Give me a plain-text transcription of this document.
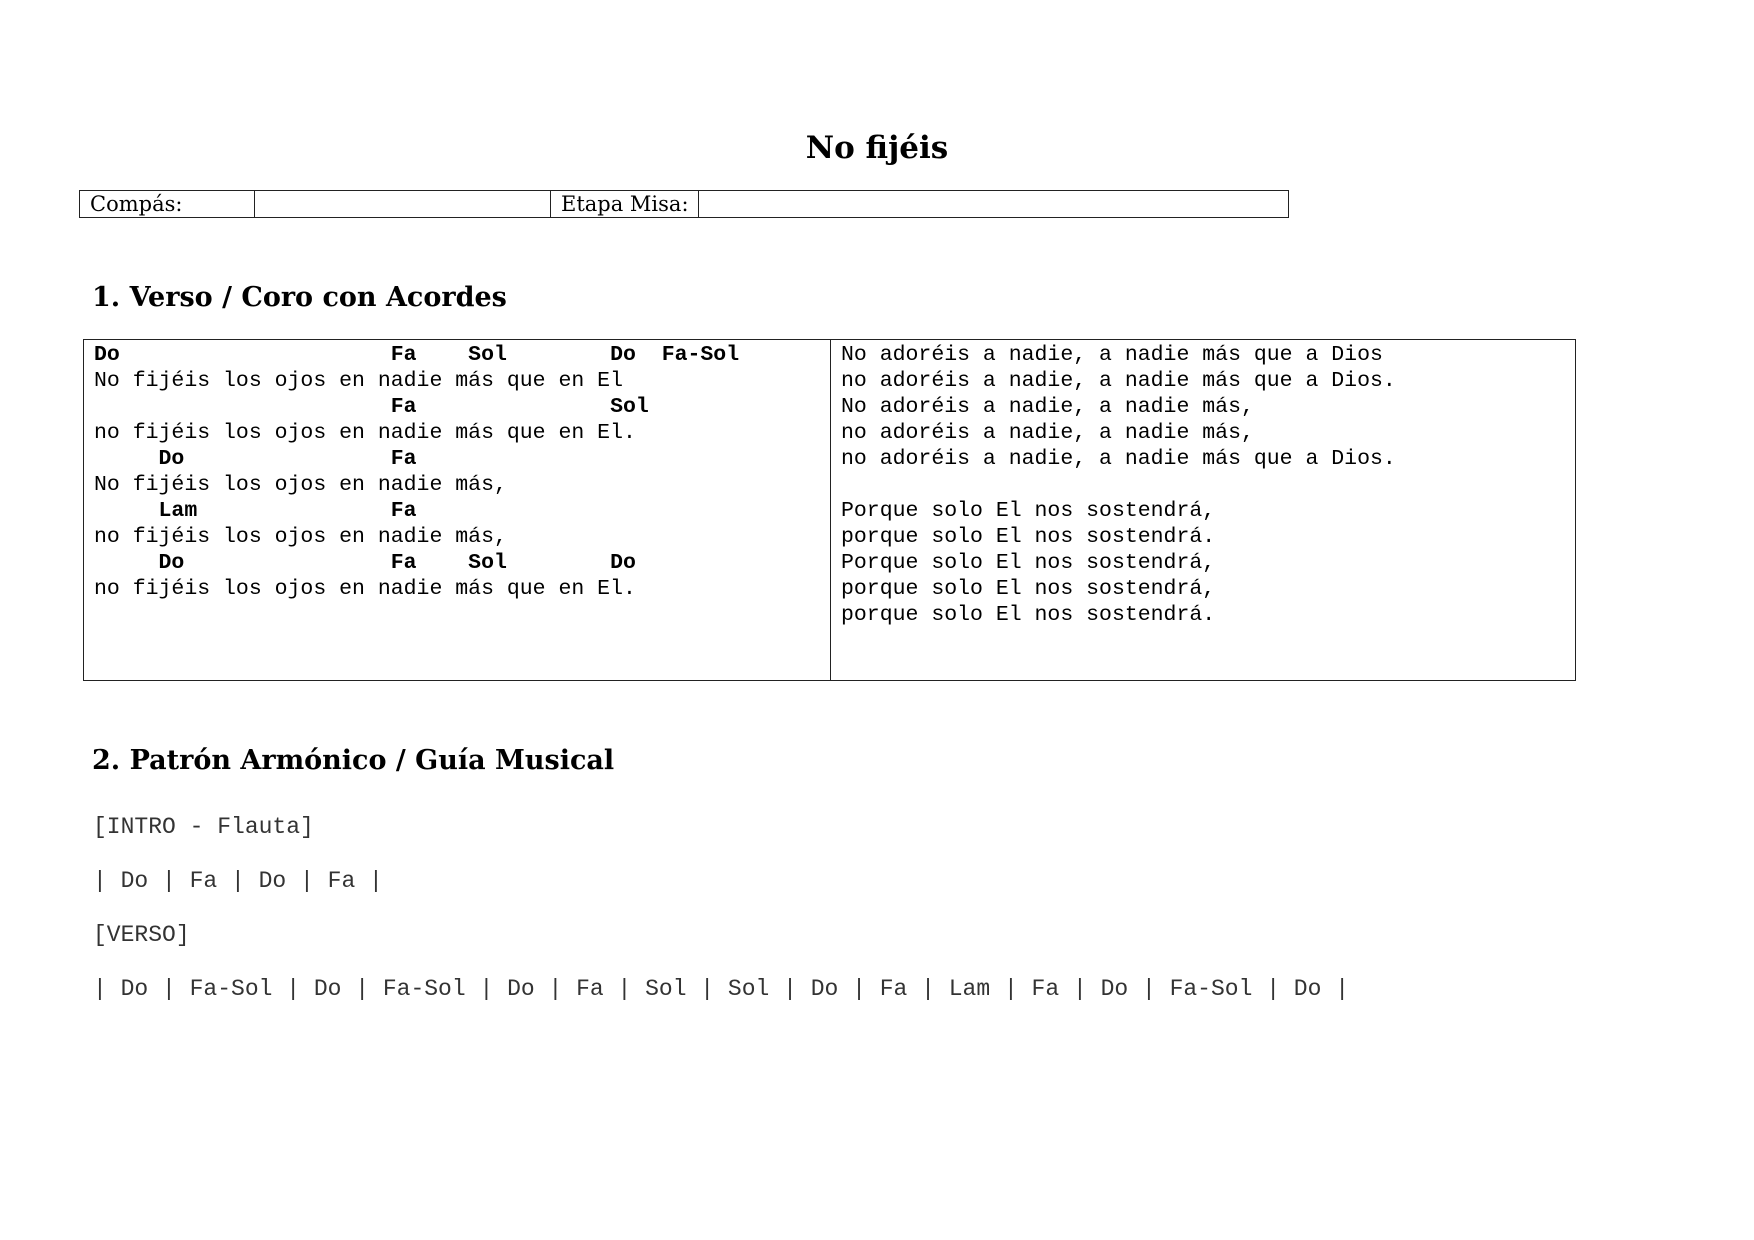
No fijéis
Compás:	Etapa Misa:
1. Verso / Coro con Acordes
Do                     Fa    Sol        Do  Fa-Sol
No fijéis los ojos en nadie más que en El
Fa               Sol
no fijéis los ojos en nadie más que en El.
Do                Fa
No fijéis los ojos en nadie más,
Lam               Fa
no fijéis los ojos en nadie más,
Do                Fa    Sol        Do
no fijéis los ojos en nadie más que en El.
No adoréis a nadie, a nadie más que a Dios
no adoréis a nadie, a nadie más que a Dios.
No adoréis a nadie, a nadie más,
no adoréis a nadie, a nadie más,
no adoréis a nadie, a nadie más que a Dios.
Porque solo El nos sostendrá,
porque solo El nos sostendrá.
Porque solo El nos sostendrá,
porque solo El nos sostendrá,
porque solo El nos sostendrá.
2. Patrón Armónico / Guía Musical
[INTRO - Flauta]
| Do | Fa | Do | Fa |
[VERSO]
| Do | Fa-Sol | Do | Fa-Sol | Do | Fa | Sol | Sol | Do | Fa | Lam | Fa | Do | Fa-Sol | Do |
